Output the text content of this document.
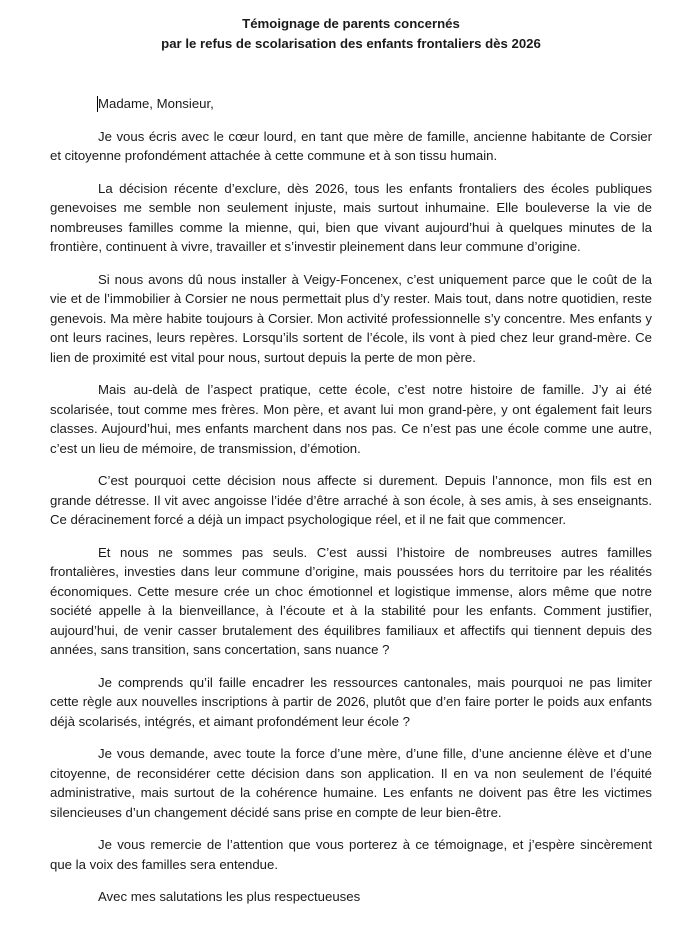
Témoignage de parents concernés
par le refus de scolarisation des enfants frontaliers dès 2026

Madame, Monsieur,

Je vous écris avec le cœur lourd, en tant que mère de famille, ancienne habitante de Corsier et citoyenne profondément attachée à cette commune et à son tissu humain.

La décision récente d’exclure, dès 2026, tous les enfants frontaliers des écoles publiques genevoises me semble non seulement injuste, mais surtout inhumaine. Elle bouleverse la vie de nombreuses familles comme la mienne, qui, bien que vivant aujourd’hui à quelques minutes de la frontière, continuent à vivre, travailler et s’investir pleinement dans leur commune d’origine.

Si nous avons dû nous installer à Veigy-Foncenex, c’est uniquement parce que le coût de la vie et de l’immobilier à Corsier ne nous permettait plus d’y rester. Mais tout, dans notre quotidien, reste genevois. Ma mère habite toujours à Corsier. Mon activité professionnelle s’y concentre. Mes enfants y ont leurs racines, leurs repères. Lorsqu’ils sortent de l’école, ils vont à pied chez leur grand-mère. Ce lien de proximité est vital pour nous, surtout depuis la perte de mon père.

Mais au-delà de l’aspect pratique, cette école, c’est notre histoire de famille. J’y ai été scolarisée, tout comme mes frères. Mon père, et avant lui mon grand-père, y ont également fait leurs classes. Aujourd’hui, mes enfants marchent dans nos pas. Ce n’est pas une école comme une autre, c’est un lieu de mémoire, de transmission, d’émotion.

C’est pourquoi cette décision nous affecte si durement. Depuis l’annonce, mon fils est en grande détresse. Il vit avec angoisse l’idée d’être arraché à son école, à ses amis, à ses enseignants. Ce déracinement forcé a déjà un impact psychologique réel, et il ne fait que commencer.

Et nous ne sommes pas seuls. C’est aussi l’histoire de nombreuses autres familles frontalières, investies dans leur commune d’origine, mais poussées hors du territoire par les réalités économiques. Cette mesure crée un choc émotionnel et logistique immense, alors même que notre société appelle à la bienveillance, à l’écoute et à la stabilité pour les enfants. Comment justifier, aujourd’hui, de venir casser brutalement des équilibres familiaux et affectifs qui tiennent depuis des années, sans transition, sans concertation, sans nuance ?

Je comprends qu’il faille encadrer les ressources cantonales, mais pourquoi ne pas limiter cette règle aux nouvelles inscriptions à partir de 2026, plutôt que d’en faire porter le poids aux enfants déjà scolarisés, intégrés, et aimant profondément leur école ?

Je vous demande, avec toute la force d’une mère, d’une fille, d’une ancienne élève et d’une citoyenne, de reconsidérer cette décision dans son application. Il en va non seulement de l’équité administrative, mais surtout de la cohérence humaine. Les enfants ne doivent pas être les victimes silencieuses d’un changement décidé sans prise en compte de leur bien-être.

Je vous remercie de l’attention que vous porterez à ce témoignage, et j’espère sincèrement que la voix des familles sera entendue.

Avec mes salutations les plus respectueuses
